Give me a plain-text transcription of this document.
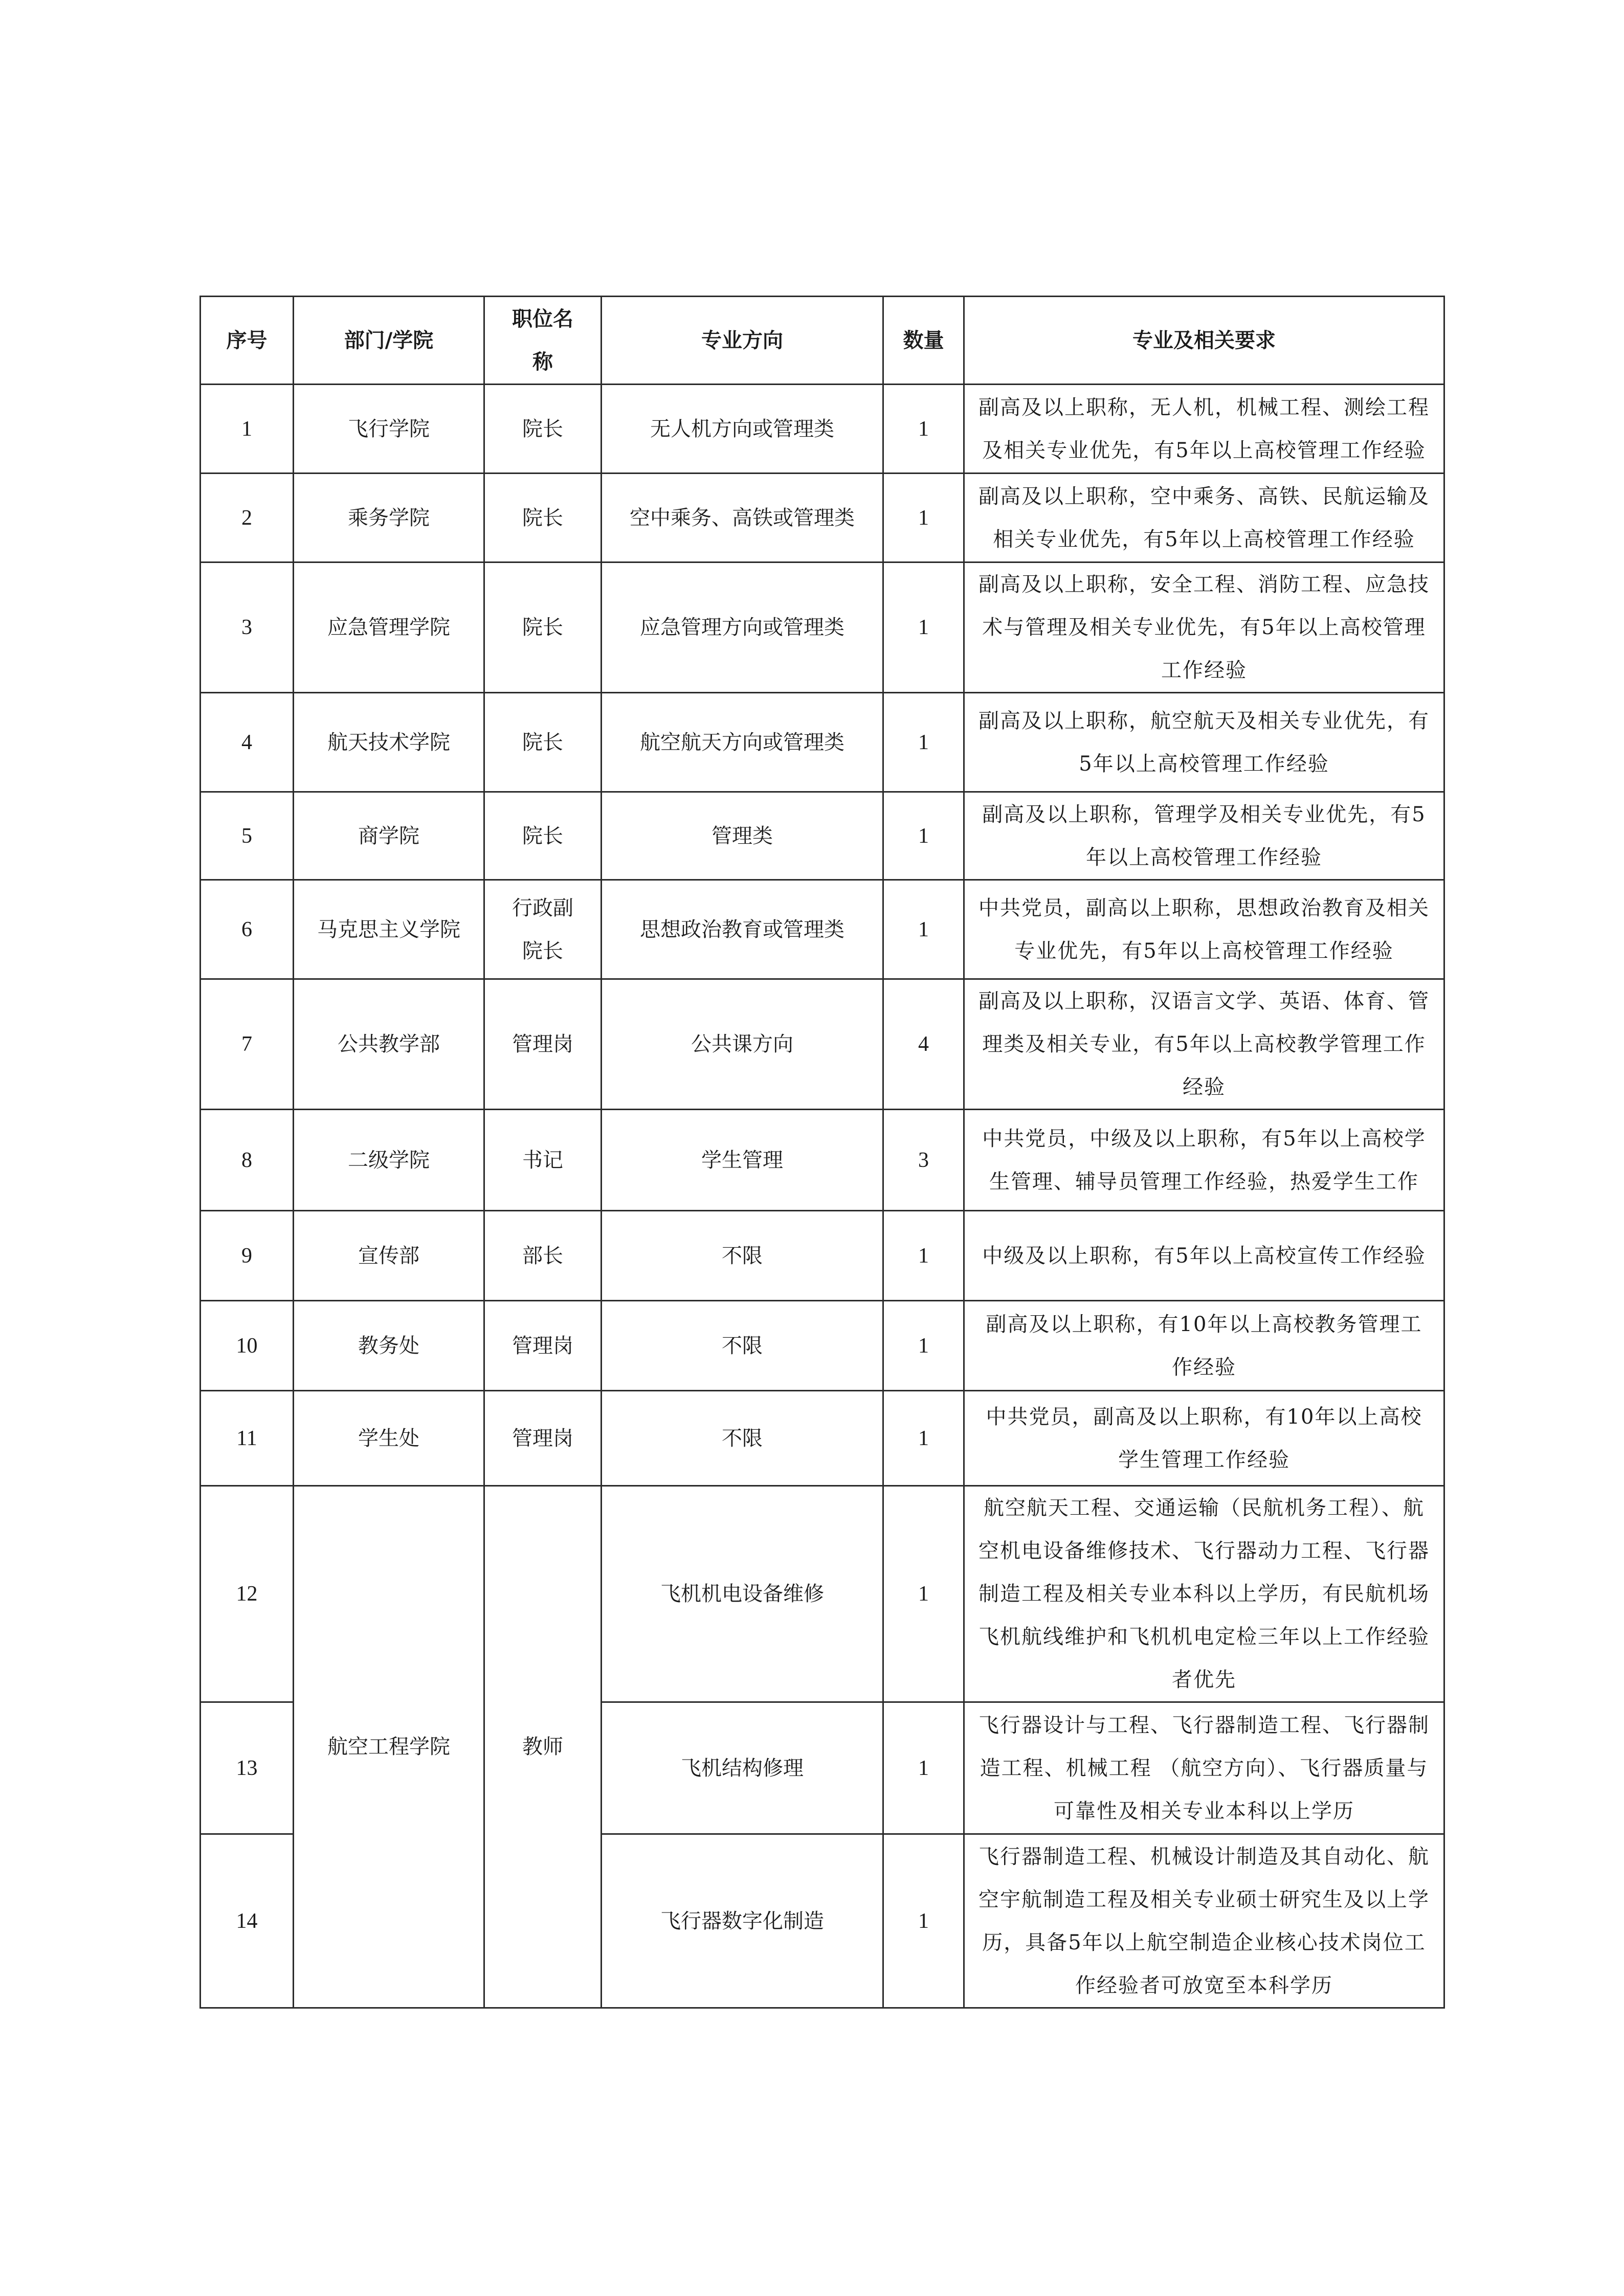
序号	部门/学院	职位名称	专业方向	数量	专业及相关要求
1	飞行学院	院长	无人机方向或管理类	1	副高及以上职称，无人机，机械工程、测绘工程及相关专业优先，有5年以上高校管理工作经验
2	乘务学院	院长	空中乘务、高铁或管理类	1	副高及以上职称，空中乘务、高铁、民航运输及相关专业优先，有5年以上高校管理工作经验
3	应急管理学院	院长	应急管理方向或管理类	1	副高及以上职称，安全工程、消防工程、应急技术与管理及相关专业优先，有5年以上高校管理工作经验
4	航天技术学院	院长	航空航天方向或管理类	1	副高及以上职称，航空航天及相关专业优先，有5年以上高校管理工作经验
5	商学院	院长	管理类	1	副高及以上职称，管理学及相关专业优先，有5年以上高校管理工作经验
6	马克思主义学院	行政副院长	思想政治教育或管理类	1	中共党员，副高以上职称，思想政治教育及相关专业优先，有5年以上高校管理工作经验
7	公共教学部	管理岗	公共课方向	4	副高及以上职称，汉语言文学、英语、体育、管理类及相关专业，有5年以上高校教学管理工作经验
8	二级学院	书记	学生管理	3	中共党员，中级及以上职称，有5年以上高校学生管理、辅导员管理工作经验，热爱学生工作
9	宣传部	部长	不限	1	中级及以上职称，有5年以上高校宣传工作经验
10	教务处	管理岗	不限	1	副高及以上职称，有10年以上高校教务管理工作经验
11	学生处	管理岗	不限	1	中共党员，副高及以上职称，有10年以上高校学生管理工作经验
12	航空工程学院	教师	飞机机电设备维修	1	航空航天工程、交通运输（民航机务工程）、航空机电设备维修技术、飞行器动力工程、飞行器制造工程及相关专业本科以上学历，有民航机场飞机航线维护和飞机机电定检三年以上工作经验者优先
13			飞机结构修理	1	飞行器设计与工程、飞行器制造工程、飞行器制造工程、机械工程 （航空方向）、飞行器质量与可靠性及相关专业本科以上学历
14			飞行器数字化制造	1	飞行器制造工程、机械设计制造及其自动化、航空宇航制造工程及相关专业硕士研究生及以上学历，具备5年以上航空制造企业核心技术岗位工作经验者可放宽至本科学历
